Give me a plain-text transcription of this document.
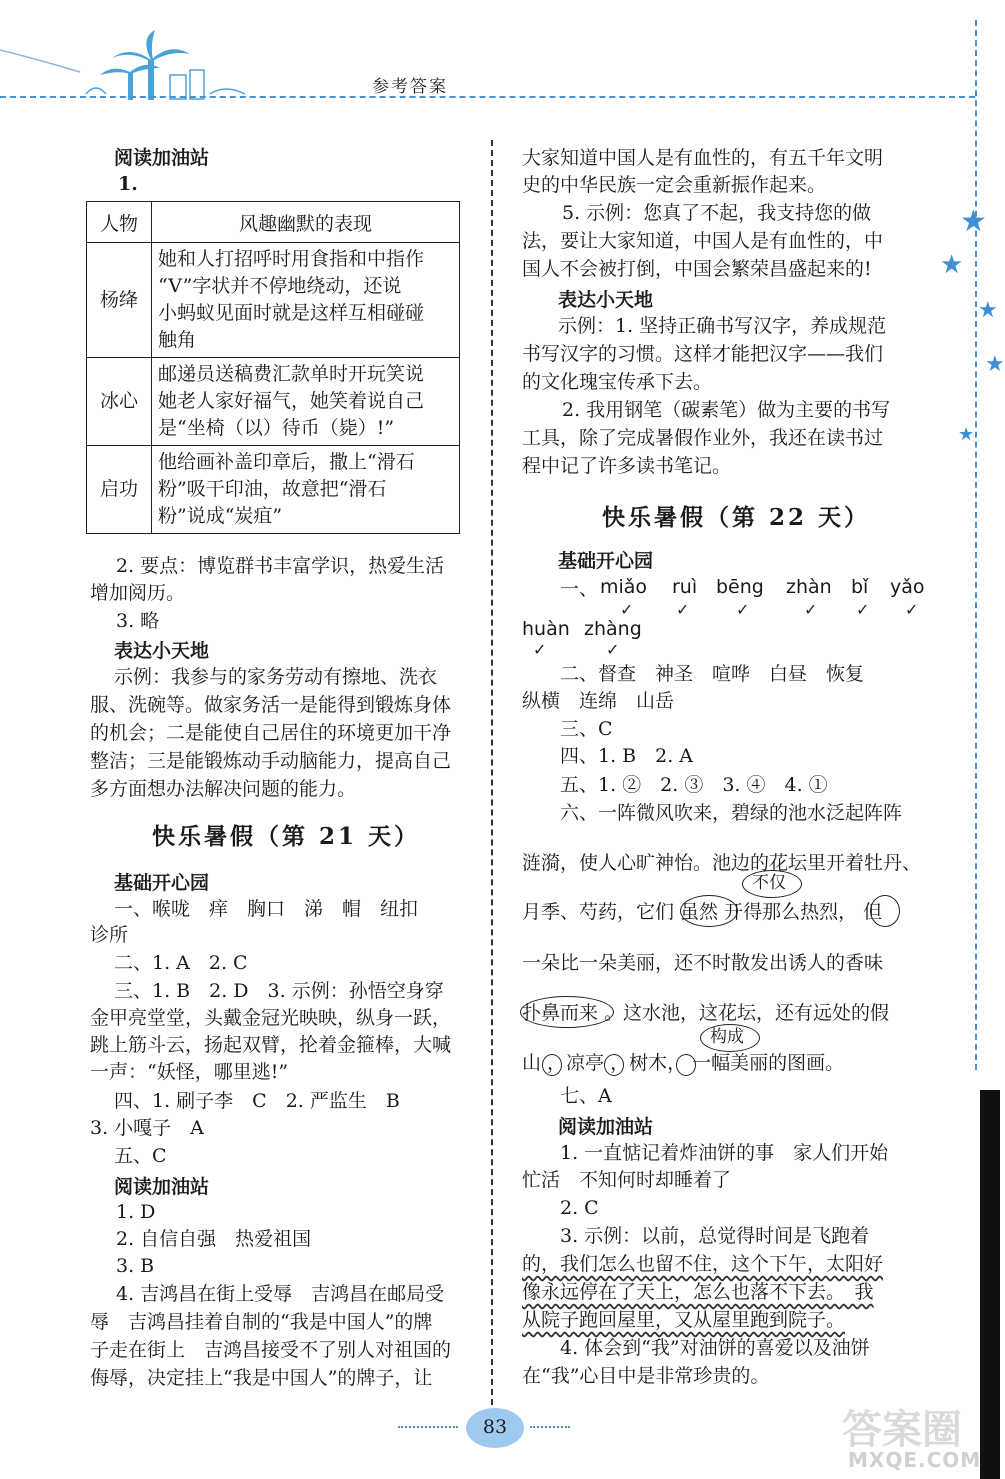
参考答案
★
★
★
★
★
阅读加油站
1.
人物	风趣幽默的表现
杨绛	她和人打招呼时用食指和中指作
“V”字状并不停地绕动，还说
小蚂蚁见面时就是这样互相碰碰
触角

冰心	邮递员送稿费汇款单时开玩笑说
她老人家好福气，她笑着说自己
是“坐椅（以）待币（毙）!”

启功	他给画补盖印章后，撒上“滑石
粉”吸干印油，故意把“滑石
粉”说成“炭疽”
2. 要点：博览群书丰富学识，热爱生活
增加阅历。
3. 略
表达小天地
示例：我参与的家务劳动有擦地、洗衣
服、洗碗等。做家务活一是能得到锻炼身体
的机会；二是能使自己居住的环境更加干净
整洁；三是能锻炼动手动脑能力，提高自己
多方面想办法解决问题的能力。
快乐暑假（第 21 天）
基础开心园
一、喉咙　痒　胸口　涕　帽　纽扣
诊所
二、1. A　2. C
三、1. B　2. D　3. 示例：孙悟空身穿
金甲亮堂堂，头戴金冠光映映，纵身一跃，
跳上筋斗云，扬起双臂，抡着金箍棒，大喊
一声：“妖怪，哪里逃!”
四、1. 刷子李　C　2. 严监生　B
3. 小嘎子　A
五、C
阅读加油站
1. D
2. 自信自强　热爱祖国
3. B
4. 吉鸿昌在街上受辱　吉鸿昌在邮局受
辱　吉鸿昌挂着自制的“我是中国人”的牌
子走在街上　吉鸿昌接受不了别人对祖国的
侮辱，决定挂上“我是中国人”的牌子，让
大家知道中国人是有血性的，有五千年文明
史的中华民族一定会重新振作起来。
5. 示例：您真了不起，我支持您的做
法，要让大家知道，中国人是有血性的，中
国人不会被打倒，中国会繁荣昌盛起来的!
表达小天地
示例：1. 坚持正确书写汉字，养成规范
书写汉字的习惯。这样才能把汉字——我们
的文化瑰宝传承下去。
2. 我用钢笔（碳素笔）做为主要的书写
工具，除了完成暑假作业外，我还在读书过
程中记了许多读书笔记。
快乐暑假（第 22 天）
基础开心园
一、 miǎo ruì bēng zhàn bǐ yǎo
✓	✓	✓	✓ ✓ ✓
huàn zhàng
✓	✓
二、督查　神圣　喧哗　白昼　恢复
纵横　连绵　山岳
三、C
四、1. B　2. A
五、1. ②　2. ③　3. ④　4. ①
六、一阵微风吹来，碧绿的池水泛起阵阵
涟漪，使人心旷神怡。池边的花坛里开着牡丹、
月季、芍药，它们 虽然 开得那么热烈， 但
一朵比一朵美丽，还不时散发出诱人的香味
扑鼻而来 。这水池，这花坛，还有远处的假
山 ，凉亭 ，树木， 一幅美丽的图画。
不仅
构成
七、A
阅读加油站
1. 一直惦记着炸油饼的事　家人们开始
忙活　不知何时却睡着了
2. C
3. 示例：以前，总觉得时间是飞跑着
的，我们怎么也留不住，这个下午，太阳好
像永远停在了天上，怎么也落不下去。　我
从院子跑回屋里，又从屋里跑到院子。
4. 体会到“我”对油饼的喜爱以及油饼
在“我”心目中是非常珍贵的。
83	答案圈
MXQE.COM
